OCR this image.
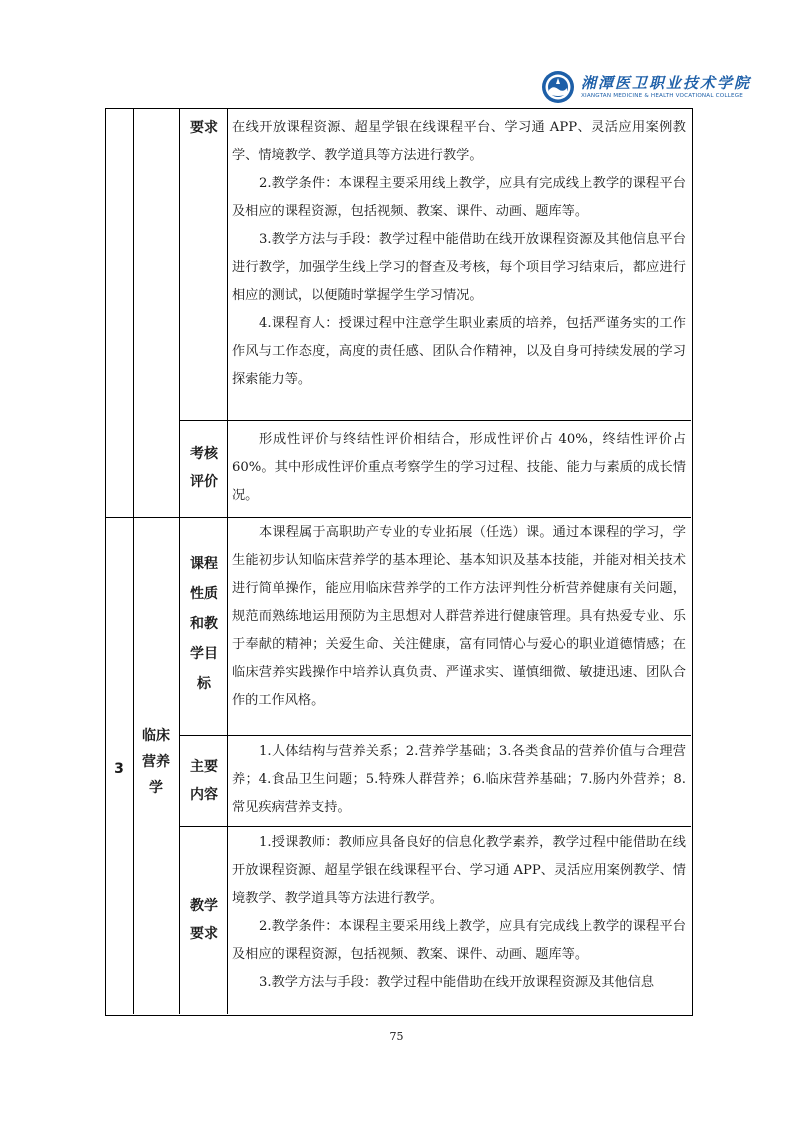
湘潭医卫职业技术学院
XIANGTAN MEDICINE & HEALTH VOCATIONAL COLLEGE
要求	在线开放课程资源、超星学银在线课程平台、学习通 APP、灵活应用案例教学、情境教学、教学道具等方法进行教学。

2.教学条件：本课程主要采用线上教学，应具有完成线上教学的课程平台及相应的课程资源，包括视频、教案、课件、动画、题库等。

3.教学方法与手段：教学过程中能借助在线开放课程资源及其他信息平台进行教学，加强学生线上学习的督查及考核，每个项目学习结束后，都应进行相应的测试，以便随时掌握学生学习情况。

4.课程育人：授课过程中注意学生职业素质的培养，包括严谨务实的工作作风与工作态度，高度的责任感、团队合作精神，以及自身可持续发展的学习探索能力等。

考核
评价
形成性评价与终结性评价相结合，形成性评价占 40%，终结性评价占 60%。其中形成性评价重点考察学生的学习过程、技能、能力与素质的成长情况。
3
临床
营养
学
课程
性质
和教
学目
标
本课程属于高职助产专业的专业拓展（任选）课。通过本课程的学习，学生能初步认知临床营养学的基本理论、基本知识及基本技能，并能对相关技术进行简单操作，能应用临床营养学的工作方法评判性分析营养健康有关问题，规范而熟练地运用预防为主思想对人群营养进行健康管理。具有热爱专业、乐于奉献的精神；关爱生命、关注健康，富有同情心与爱心的职业道德情感；在临床营养实践操作中培养认真负责、严谨求实、谨慎细微、敏捷迅速、团队合作的工作风格。
主要
内容
1.人体结构与营养关系；2.营养学基础；3.各类食品的营养价值与合理营养；4.食品卫生问题；5.特殊人群营养；6.临床营养基础；7.肠内外营养；8.常见疾病营养支持。
教学
要求

1.授课教师：教师应具备良好的信息化教学素养，教学过程中能借助在线开放课程资源、超星学银在线课程平台、学习通 APP、灵活应用案例教学、情境教学、教学道具等方法进行教学。

2.教学条件：本课程主要采用线上教学，应具有完成线上教学的课程平台及相应的课程资源，包括视频、教案、课件、动画、题库等。

3.教学方法与手段：教学过程中能借助在线开放课程资源及其他信息

75
